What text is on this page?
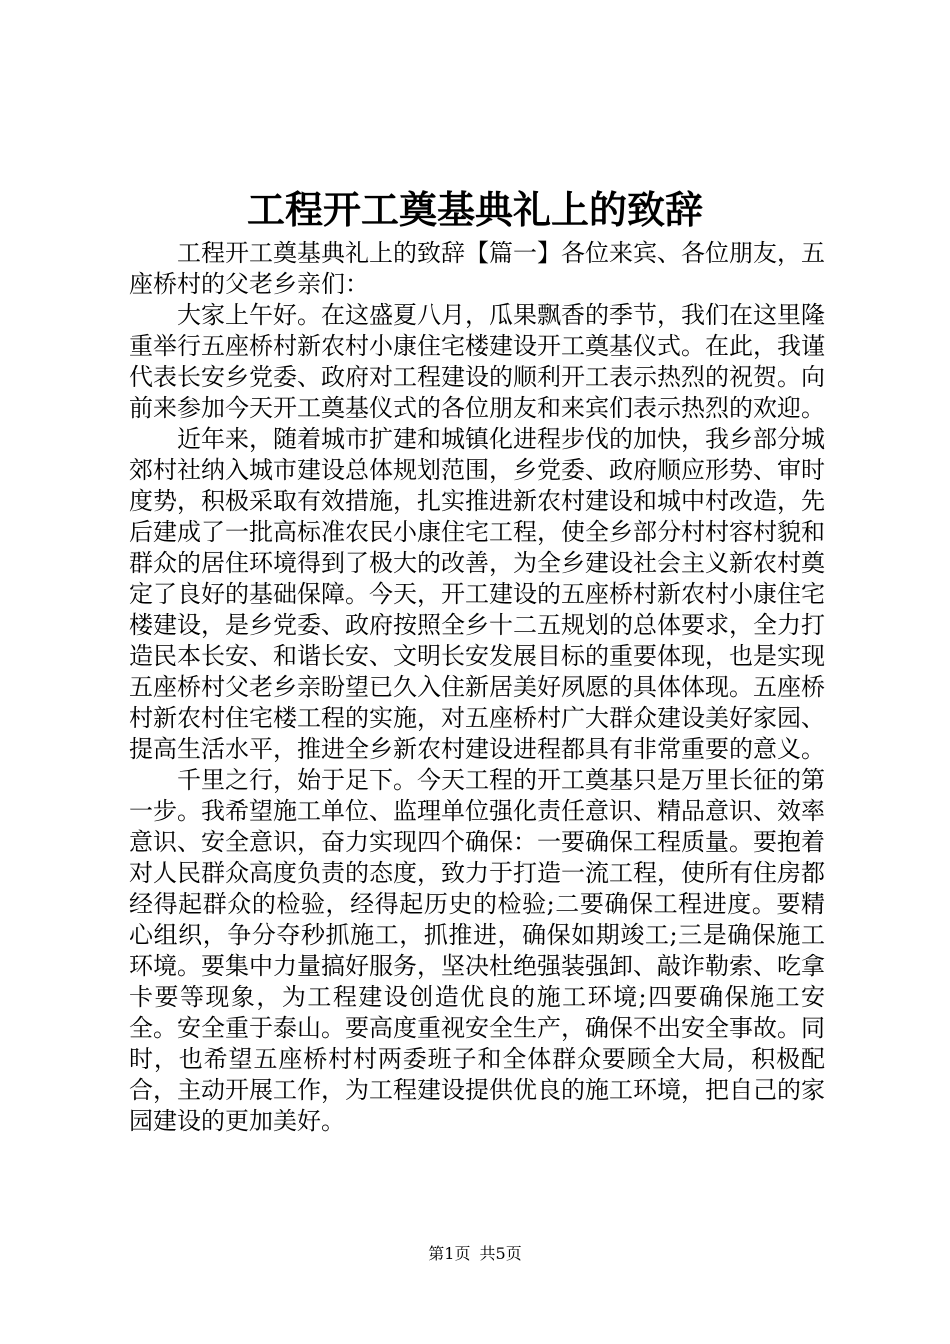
工程开工奠基典礼上的致辞

工程开工奠基典礼上的致辞【篇一】各位来宾、各位朋友，五座桥村的父老乡亲们：

大家上午好。在这盛夏八月，瓜果飘香的季节，我们在这里隆重举行五座桥村新农村小康住宅楼建设开工奠基仪式。在此，我谨代表长安乡党委、政府对工程建设的顺利开工表示热烈的祝贺。向前来参加今天开工奠基仪式的各位朋友和来宾们表示热烈的欢迎。

近年来，随着城市扩建和城镇化进程步伐的加快，我乡部分城郊村社纳入城市建设总体规划范围，乡党委、政府顺应形势、审时度势，积极采取有效措施，扎实推进新农村建设和城中村改造，先后建成了一批高标准农民小康住宅工程，使全乡部分村村容村貌和群众的居住环境得到了极大的改善，为全乡建设社会主义新农村奠定了良好的基础保障。今天，开工建设的五座桥村新农村小康住宅楼建设，是乡党委、政府按照全乡十二五规划的总体要求，全力打造民本长安、和谐长安、文明长安发展目标的重要体现，也是实现五座桥村父老乡亲盼望已久入住新居美好夙愿的具体体现。五座桥村新农村住宅楼工程的实施，对五座桥村广大群众建设美好家园、提高生活水平，推进全乡新农村建设进程都具有非常重要的意义。

千里之行，始于足下。今天工程的开工奠基只是万里长征的第一步。我希望施工单位、监理单位强化责任意识、精品意识、效率意识、安全意识，奋力实现四个确保：一要确保工程质量。要抱着对人民群众高度负责的态度，致力于打造一流工程，使所有住房都经得起群众的检验，经得起历史的检验;二要确保工程进度。要精心组织，争分夺秒抓施工，抓推进，确保如期竣工;三是确保施工环境。要集中力量搞好服务，坚决杜绝强装强卸、敲诈勒索、吃拿卡要等现象，为工程建设创造优良的施工环境;四要确保施工安全。安全重于泰山。要高度重视安全生产，确保不出安全事故。同时，也希望五座桥村村两委班子和全体群众要顾全大局，积极配合，主动开展工作，为工程建设提供优良的施工环境，把自己的家园建设的更加美好。

第1页 共5页
